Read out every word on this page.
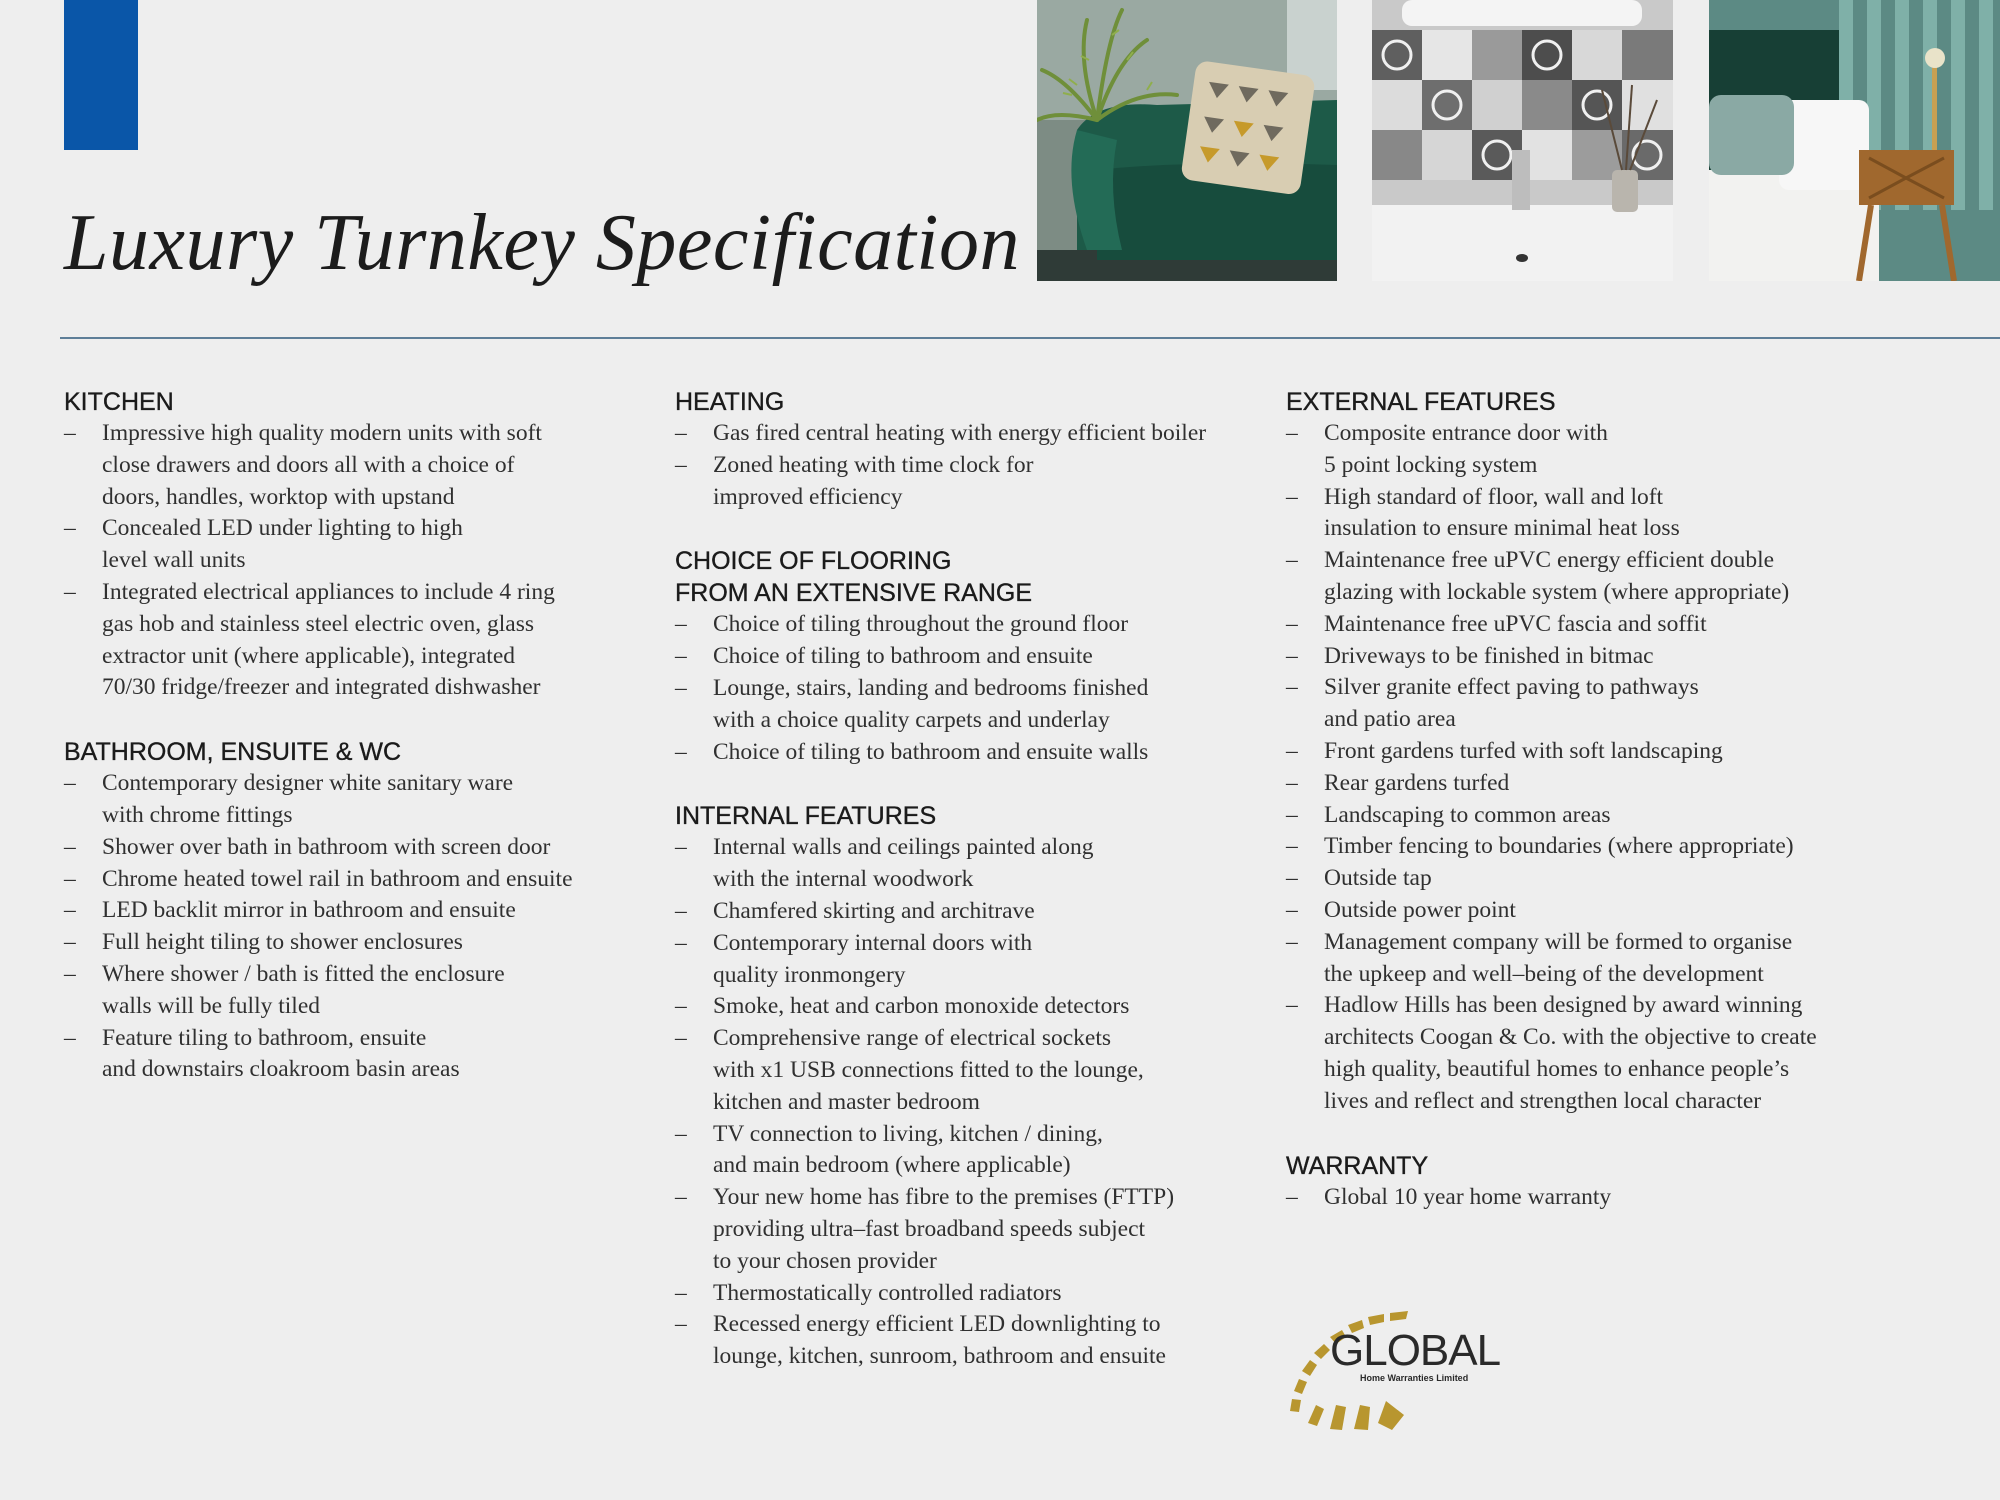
Luxury Turnkey Specification
KITCHEN
– Impressive high quality modern units with soft
close drawers and doors all with a choice of
doors, handles, worktop with upstand
– Concealed LED under lighting to high
level wall units
– Integrated electrical appliances to include 4 ring
gas hob and stainless steel electric oven, glass
extractor unit (where applicable), integrated
70/30 fridge/freezer and integrated dishwasher
BATHROOM, ENSUITE & WC
– Contemporary designer white sanitary ware
with chrome fittings
– Shower over bath in bathroom with screen door
– Chrome heated towel rail in bathroom and ensuite
– LED backlit mirror in bathroom and ensuite
– Full height tiling to shower enclosures
– Where shower / bath is fitted the enclosure
walls will be fully tiled
– Feature tiling to bathroom, ensuite
and downstairs cloakroom basin areas
HEATING
– Gas fired central heating with energy efficient boiler
– Zoned heating with time clock for
improved efficiency
CHOICE OF FLOORING
FROM AN EXTENSIVE RANGE
– Choice of tiling throughout the ground floor
– Choice of tiling to bathroom and ensuite
– Lounge, stairs, landing and bedrooms finished
with a choice quality carpets and underlay
– Choice of tiling to bathroom and ensuite walls
INTERNAL FEATURES
– Internal walls and ceilings painted along
with the internal woodwork
– Chamfered skirting and architrave
– Contemporary internal doors with
quality ironmongery
– Smoke, heat and carbon monoxide detectors
– Comprehensive range of electrical sockets
with x1 USB connections fitted to the lounge,
kitchen and master bedroom
– TV connection to living, kitchen / dining,
and main bedroom (where applicable)
– Your new home has fibre to the premises (FTTP)
providing ultra–fast broadband speeds subject
to your chosen provider
– Thermostatically controlled radiators
– Recessed energy efficient LED downlighting to
lounge, kitchen, sunroom, bathroom and ensuite
EXTERNAL FEATURES
– Composite entrance door with
5 point locking system
– High standard of floor, wall and loft
insulation to ensure minimal heat loss
– Maintenance free uPVC energy efficient double
glazing with lockable system (where appropriate)
– Maintenance free uPVC fascia and soffit
– Driveways to be finished in bitmac
– Silver granite effect paving to pathways
and patio area
– Front gardens turfed with soft landscaping
– Rear gardens turfed
– Landscaping to common areas
– Timber fencing to boundaries (where appropriate)
– Outside tap
– Outside power point
– Management company will be formed to organise
the upkeep and well–being of the development
– Hadlow Hills has been designed by award winning
architects Coogan & Co. with the objective to create
high quality, beautiful homes to enhance people’s
lives and reflect and strengthen local character
WARRANTY
– Global 10 year home warranty
GLOBAL
Home Warranties Limited
